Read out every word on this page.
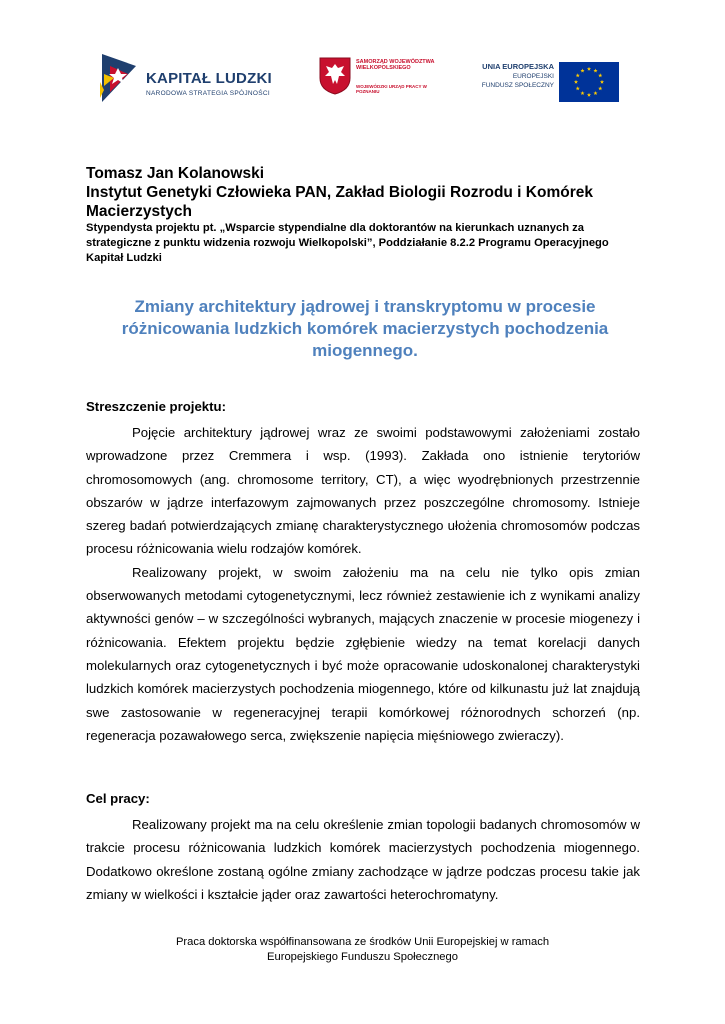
KAPITAŁ LUDZKI
NARODOWA STRATEGIA SPÓJNOŚCI
SAMORZĄD WOJEWÓDZTWA WIELKOPOLSKIEGO
WOJEWÓDZKI URZĄD PRACY W POZNANIU
UNIA EUROPEJSKA
EUROPEJSKI
FUNDUSZ SPOŁECZNY
Tomasz Jan Kolanowski
Instytut Genetyki Człowieka PAN, Zakład Biologii Rozrodu i Komórek Macierzystych
Stypendysta projektu pt. „Wsparcie stypendialne dla doktorantów na kierunkach uznanych za strategiczne z punktu widzenia rozwoju Wielkopolski”, Poddziałanie 8.2.2 Programu Operacyjnego Kapitał Ludzki
Zmiany architektury jądrowej i transkryptomu w procesie różnicowania ludzkich komórek macierzystych pochodzenia miogennego.
Streszczenie projektu:

Pojęcie architektury jądrowej wraz ze swoimi podstawowymi założeniami zostało wprowadzone przez Cremmera i wsp. (1993). Zakłada ono istnienie terytoriów chromosomowych (ang. chromosome territory, CT), a więc wyodrębnionych przestrzennie obszarów w jądrze interfazowym zajmowanych przez poszczególne chromosomy. Istnieje szereg badań potwierdzających zmianę charakterystycznego ułożenia chromosomów podczas procesu różnicowania wielu rodzajów komórek.

Realizowany projekt, w swoim założeniu ma na celu nie tylko opis zmian obserwowanych metodami cytogenetycznymi, lecz również zestawienie ich z wynikami analizy aktywności genów – w szczególności wybranych, mających znaczenie w procesie miogenezy i różnicowania. Efektem projektu będzie zgłębienie wiedzy na temat korelacji danych molekularnych oraz cytogenetycznych i być może opracowanie udoskonalonej charakterystyki ludzkich komórek macierzystych pochodzenia miogennego, które od kilkunastu już lat znajdują swe zastosowanie w regeneracyjnej terapii komórkowej różnorodnych schorzeń (np. regeneracja pozawałowego serca, zwiększenie napięcia mięśniowego zwieraczy).

Cel pracy:

Realizowany projekt ma na celu określenie zmian topologii badanych chromosomów w trakcie procesu różnicowania ludzkich komórek macierzystych pochodzenia miogennego. Dodatkowo określone zostaną ogólne zmiany zachodzące w jądrze podczas procesu takie jak zmiany w wielkości i kształcie jąder oraz zawartości heterochromatyny.

Praca doktorska współfinansowana ze środków Unii Europejskiej w ramach
Europejskiego Funduszu Społecznego
